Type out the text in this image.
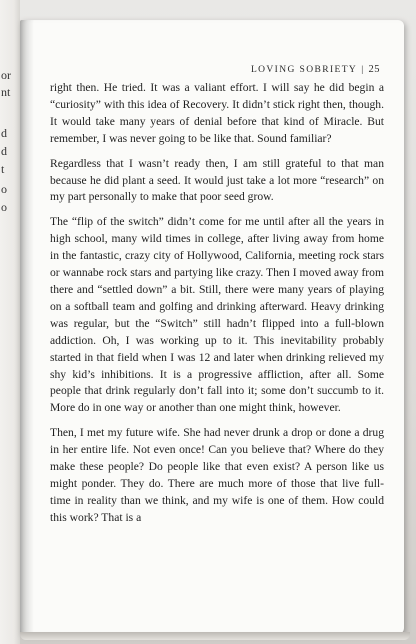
or
nt
d
d
t
o
o
LOVING SOBRIETY | 25

right then. He tried. It was a valiant effort. I will say he did begin a “curiosity” with this idea of Recovery. It didn’t stick right then, though. It would take many years of denial before that kind of Miracle. But remember, I was never going to be like that. Sound familiar?

Regardless that I wasn’t ready then, I am still grateful to that man because he did plant a seed. It would just take a lot more “research” on my part personally to make that poor seed grow.

The “flip of the switch” didn’t come for me until after all the years in high school, many wild times in college, after living away from home in the fantastic, crazy city of Hollywood, California, meeting rock stars or wannabe rock stars and partying like crazy. Then I moved away from there and “settled down” a bit. Still, there were many years of playing on a softball team and golfing and drinking afterward. Heavy drinking was regular, but the “Switch” still hadn’t flipped into a full-blown addiction. Oh, I was working up to it. This inevitability probably started in that field when I was 12 and later when drinking relieved my shy kid’s inhibitions. It is a progressive affliction, after all. Some people that drink regularly don’t fall into it; some don’t succumb to it. More do in one way or another than one might think, however.

Then, I met my future wife. She had never drunk a drop or done a drug in her entire life. Not even once! Can you believe that? Where do they make these people? Do people like that even exist? A person like us might ponder. They do. There are much more of those that live full-time in reality than we think, and my wife is one of them. How could this work? That is a
